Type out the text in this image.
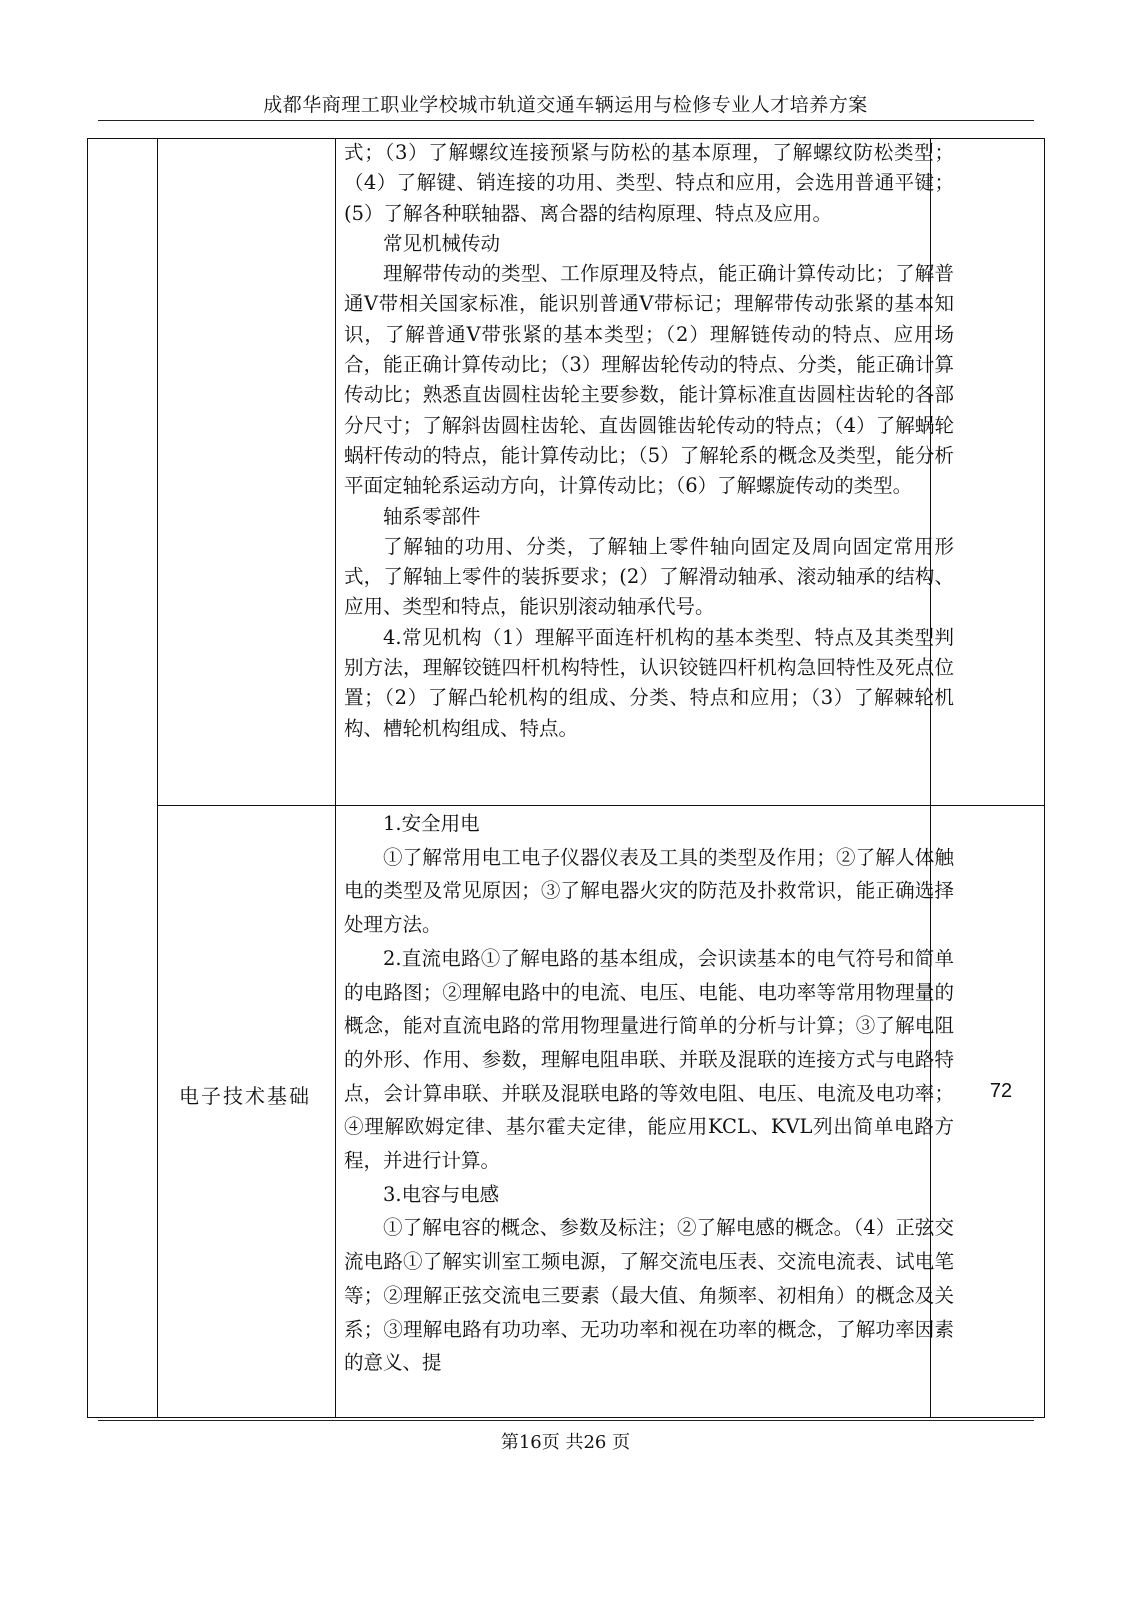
成都华商理工职业学校城市轨道交通车辆运用与检修专业人才培养方案

式；（3）了解螺纹连接预紧与防松的基本原理，了解螺纹防松类型；（4）了解键、销连接的功用、类型、特点和应用，会选用普通平键；(5）了解各种联轴器、离合器的结构原理、特点及应用。

常见机械传动

理解带传动的类型、工作原理及特点，能正确计算传动比；了解普通V带相关国家标准，能识别普通V带标记；理解带传动张紧的基本知识，了解普通V带张紧的基本类型；（2）理解链传动的特点、应用场合，能正确计算传动比；（3）理解齿轮传动的特点、分类，能正确计算传动比；熟悉直齿圆柱齿轮主要参数，能计算标准直齿圆柱齿轮的各部分尺寸；了解斜齿圆柱齿轮、直齿圆锥齿轮传动的特点；（4）了解蜗轮蜗杆传动的特点，能计算传动比；（5）了解轮系的概念及类型，能分析平面定轴轮系运动方向，计算传动比；（6）了解螺旋传动的类型。

轴系零部件

了解轴的功用、分类，了解轴上零件轴向固定及周向固定常用形式，了解轴上零件的装拆要求；(2）了解滑动轴承、滚动轴承的结构、应用、类型和特点，能识别滚动轴承代号。

4.常见机构（1）理解平面连杆机构的基本类型、特点及其类型判别方法，理解铰链四杆机构特性，认识铰链四杆机构急回特性及死点位置；（2）了解凸轮机构的组成、分类、特点和应用；（3）了解棘轮机构、槽轮机构组成、特点。

电子技术基础

1.安全用电

①了解常用电工电子仪器仪表及工具的类型及作用；②了解人体触电的类型及常见原因；③了解电器火灾的防范及扑救常识，能正确选择处理方法。

2.直流电路①了解电路的基本组成，会识读基本的电气符号和简单的电路图；②理解电路中的电流、电压、电能、电功率等常用物理量的概念，能对直流电路的常用物理量进行简单的分析与计算；③了解电阻的外形、作用、参数，理解电阻串联、并联及混联的连接方式与电路特点，会计算串联、并联及混联电路的等效电阻、电压、电流及电功率；④理解欧姆定律、基尔霍夫定律，能应用KCL、KVL列出简单电路方程，并进行计算。

3.电容与电感

①了解电容的概念、参数及标注；②了解电感的概念。（4）正弦交流电路①了解实训室工频电源，了解交流电压表、交流电流表、试电笔等；②理解正弦交流电三要素（最大值、角频率、初相角）的概念及关系；③理解电路有功功率、无功功率和视在功率的概念，了解功率因素的意义、提

72
第16页 共26 页
